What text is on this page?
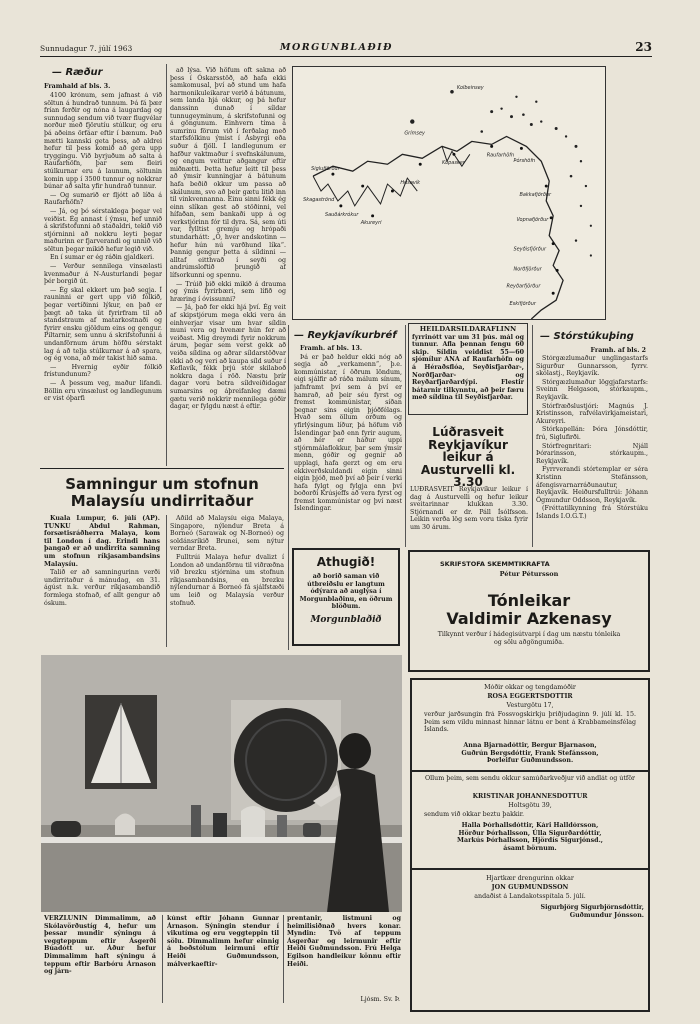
Sunnudagur 7. júlí 1963	MORGUNBLAÐIÐ	23
— Ræður
Framhald af bls. 3.

4100 krónum, sem jafnast á við söltun á hundrað tunnum. Þá fá þær frían ferðir og nóna á laugardag og sunnudag sendum við tvær flugvélar norður með fjörutíu stúlkur, og eru þá aðeins örfáar eftir í bænum. Það mætti kannski geta þess, að aldrei hefur til þess komið að gera upp tryggingu. Við byrjuðum að salta á Raufarhöfn, þar sem fleiri stúlkurnar eru á launum, söltunin komin upp í 3500 tunnur og nokkrar búnar að salta yfir hundrað tunnur.

— Og sumarið er fljótt að líða á Raufarhöfn?

— Já, og þó sérstaklega þegar vel veiðist. Ég annast í ýmsu, hef unnið á skrifstofunni að staðaldri, tekið við stjórninni að nokkru leyti þegar maðurinn er fjarverandi og unnið við söltun þegar mikið hefur legið við.

En í sumar er ég ráðin gjaldkeri.

— Verður sennilega vinsælasti kvenmaður á N-Austurlandi þegar þér borgið út.

— Ég skal ekkert um það segja. Í rauninni er gert upp við fólkið, þegar vertíðinni lýkur, en það er þægt að taka út fyrirfram til að standstraum af matarkostnaði og fyrirr ensku gjöldum eins og gengur. Piltarnir, sem unnu á skrifstofunni á undanförnum árum höfðu sérstakt lag á að telja stúlkurnar á að spara, og ég vona, að mér takist hið sama.

— Hvernig eyðir fólkið frístundunum?

— Á þessum veg, maður lifandi. Böllin eru vinsælust og landlegunum er vist óþarfi

að lýsa. Við höfum oft sakna að þess í Óskarsstöð, að hafa ekki samkomusal, því að stund um hafa harmonikuleikarar verið á bátunum, sem landa hjá okkur, og þá hefur danssinn dunað í síldar tunnugeyminum, á skrifstofunni og á göngunum. Einhvern tíma á sumrinu förum við í ferðalag með starfsfólkinu ýmist í Ásbyrgi eða suður á fjöll. Í landlegunum er hafður vaktmaður í svefnskálunum, og engum veittur aðgangur eftir miðnætti. Þetta hefur leitt til þess að ýmsir kunningjar á bátunum hafa beðið okkur um passa að skálunum, svo að þeir gætu litið inn til vinkvennanna. Einu sinni fékk ég einn slíkan gest að stöðinni, vel hífaðan, sem bankaði upp á og verkstjórinn fór til dyra. Sá, sem úti var, fylltist gremju og hrópaði stundarhátt: „Ó, hver andskotinn — hefur hún nú varðhund líka“. Þannig gengur þetta á síldinni — alltaf eitthvað í seyði og andrúmsloftið þrungið af lífsorkunni og spennu.

— Trúið þið ekki mikið á drauma og ýmis fyrirbæri, sem lífið og hræring í óvissunni?

— Já, það fer ekki hjá því. Ég veit af skipstjórum mega ekki vera án einhverjar visar um hvar síldin muni vera og hvenær hún fer að veiðast. Mig dreymdi fyrir nokkrum árum, þegar sem verst gekk að veiða síldina og aðrar síldarstöðvar ekki að og veri að kaupa síld suður í Keflavík, fékk þrjú stór skilaboð nokkra daga í röð. Næstu þrír dagar voru betra síldveiðidagar sumarsins og áþreifanleg dæmi gætu verið nokkrir mennilega góðir dagar, er fylgdu næst á eftir.

Kolbeinsey
Grímsey
Raufarhöfn
Siglufjörður
Skagaströnd
Sauðárkrókur
Akureyri
Húsavík
Kópasker	Þórshöfn
Bakkafjörður
Vopnafjörður
Seyðisfjörður
Norðfjörður
Reyðarfjörður
Eskifjörður
Samningur um stofnun
Malaysíu undirritaður

Kuala Lumpur, 6. júlí (AP). TUNKU Abdul Rahman, forsætisráðherra Malaya, kom til London í dag. Erindi hans þangað er að undirrita samning um stofnun ríkjasambandsins Malaysíu.

Talið er að samningurinn verði undirritaður á mánudag, en 31. ágúst n.k. verður ríkjasambandið formlega stofnað, ef allt gengur að óskum.

Aðild að Malaysíu eiga Malaya, Singapore, nýlendur Breta á Borneó (Sarawak og N-Borneó) og soldánsríkið Brunei, sem nýtur verndar Breta.

Fulltrúi Malaya hefur dvalizt í London að undanförnu til viðræðna við brezku stjórnina um stofnun ríkjasambandsins, en brezku nýlendurnar á Borneó fá sjálfstæði um leið og Malaysía verður stofnuð.

— Reykjavíkurbréf

Framh. af bls. 13.

Þá er það heldur ekki nóg að segja að „verkamenn“, þ.e. kommúnistar, í öðrum löndum, eigi sjálfir að ráða málum sínum, jafnframt því sem á því er hamrað, að þeir séu fyrst og fremst kommúnistar, síðan þegnar sins eigin þjóðfélags. Hvað sem öllum orðum og yfirlýsingum líður, þá höfum við Íslendingar það enn fyrir augum, að hér er háður uppi stjórnmálaflokkur, þar sem ýmsir menn, góðir og gegnir að upplagi, hafa gerzt og em eru ekkiverðskuldandi eigin sinni eigin þjóð, með því að þeir í verki hafa fylgt og fylgja enn því boðorði Krúsjeffs að vera fyrst og fremst kommúnistar og því næst Íslendingar.

Athugið!
að borið saman við útbreiðslu er langtum ódýrara að auglýsa í Morgunblaðinu, en öðrum blöðum.
Morgunblaðið
HEILDARSÍLDARAFLINN
fyrrinótt var um 31 þús. mál og tunnur. Afla þennan fengu 60 skip. Síldin veiddist 55—60 sjómílur ANA af Raufarhöfn og á Héraðsflóa, Seyðisfjarðar-, Norðfjarðar- og Reyðarfjarðardýpi. Flestir bátarnir tilkynntu, að þeir færu með síldina til Seyðisfjarðar.
Lúðrasveit Reykjavíkur leikur á Austurvelli kl. 3.30
LÚÐRASVEIT Reykjavíkur leikur í dag á Austurvelli og hefur leikur sveitarinnar klukkan 3.30. Stjórnandi er dr. Páll Ísólfsson. Leikin verða lög sem voru tíska fyrir um 30 árum.
— Stórstúkuþing
Framh. af bls. 2

Stórgæzlumaður unglingastarfs Sigurður Gunnarsson, fyrrv. skólastj., Reykjavík.

Stórgæzlumaður löggjafarstarfs: Sveinn Helgason, stórkaupm., Reykjavík.

Stórfræðslustjóri: Magnús J. Kristinsson, rafvélavirkjameistari, Akureyri.

Stórkapellán: Þóra Jónsdóttir, frú, Siglufirði.

Stórfregnritari: Njáll Þórarinsson, stórkaupm., Reykjavík.

Fyrrverandi stórtemplar er séra Kristinn Stefánsson, áfengisvarnarráðunautur, Reykjavík. Heiðursfulltrúi: Jóhann Ögmundur Oddsson, Reykjavík.

(Fréttatilkynning frá Stórstúku Íslands I.O.G.T.)

SKRIFSTOFA SKEMMTIKRAFTA
Pétur Pétursson
Tónleikar
Valdimir Azkenasy
Tilkynnt verður í hádegisútvarpi í dag um næstu tónleika og sölu aðgöngumiða.
VERZLUNIN Dimmalimm, að Skólavörðustíg 4, hefur um þessar mundir sýningu á veggteppum eftir Ásgerði Búadótt ur. Áður hefur Dimmalimm haft sýningu á teppum eftir Barbóru Árnason og járn-
kúnst eftir Jóhann Gunnar Árnason. Sýningin stendur í vikutíma og eru veggteppin til sölu. Dimmalimm hefur einnig á boðstólum leirmuni eftir Heiði Guðmundsson, málverkaeftir-
prentanir, listmuni og heimilisiðnað hvers konar. Myndin: Tvö af teppum Ásgerðar og leirmunir eftir Heiði Guðmundsson. Frú Helga Egilson handleikur könnu eftir Heiði.
Ljósm. Sv. Þ.
Móðir okkar og tengdamóðir
RÓSA EGGERTSDÓTTIR
Vesturgötu 17,
verður jarðsungin frá Fossvogskirkju þriðjudaginn 9. júlí kl. 15. Þeim sem vildu minnast hinnar látnu er bent á Krabbameinsfélag Íslands.
Anna Bjarnadóttir, Bergur Bjarnason,
Guðrún Bergsdóttir, Frank Stefánsson,
Þorleifur Guðmundsson.
Öllum þeim, sem sendu okkur samúðarkveðjur við andlát og útför
KRISTÍNAR JÓHANNESDÓTTUR
Holtsgötu 39,
sendum við okkar beztu þakkir.
Halla Þórhallsdóttir, Kári Halldórsson,
Hörður Þórhallsson, Úlla Sigurðardóttir,
Markús Þórhallsson, Hjördís Sigurjónsd.,
ásamt börnum.
Hjartkær drengurinn okkar
JÓN GUÐMUNDSSON
andaðist á Landakotsspítala 5. júlí.
Sigurbjörg Sigurbjörnsdóttir,
Guðmundur Jónsson.
